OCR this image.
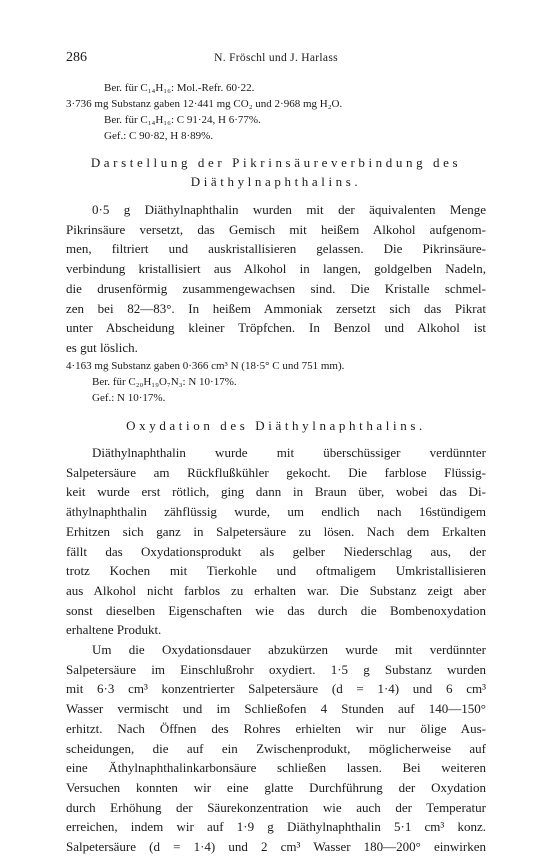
286	N. Fröschl und J. Harlass
Ber. für C₁₄H₁₆: Mol.-Refr. 60·22.
3·736 mg Substanz gaben 12·441 mg CO₂ und 2·968 mg H₂O.
Ber. für C₁₄H₁₆: C 91·24, H 6·77%.
Gef.: C 90·82, H 8·89%.
Darstellung der Pikrinsäureverbindung des
Diäthylnaphthalins.
0·5 g Diäthylnaphthalin wurden mit der äquivalenten Menge
Pikrinsäure versetzt, das Gemisch mit heißem Alkohol aufgenom-
men, filtriert und auskristallisieren gelassen. Die Pikrinsäure-
verbindung kristallisiert aus Alkohol in langen, goldgelben Nadeln,
die drusenförmig zusammengewachsen sind. Die Kristalle schmel-
zen bei 82—83°. In heißem Ammoniak zersetzt sich das Pikrat
unter Abscheidung kleiner Tröpfchen. In Benzol und Alkohol ist
es gut löslich.
4·163 mg Substanz gaben 0·366 cm³ N (18·5° C und 751 mm).
Ber. für C₂₀H₁₉O₇N₃: N 10·17%.
Gef.: N 10·17%.
Oxydation des Diäthylnaphthalins.
Diäthylnaphthalin wurde mit überschüssiger verdünnter
Salpetersäure am Rückflußkühler gekocht. Die farblose Flüssig-
keit wurde erst rötlich, ging dann in Braun über, wobei das Di-
äthylnaphthalin zähflüssig wurde, um endlich nach 16stündigem
Erhitzen sich ganz in Salpetersäure zu lösen. Nach dem Erkalten
fällt das Oxydationsprodukt als gelber Niederschlag aus, der
trotz Kochen mit Tierkohle und oftmaligem Umkristallisieren
aus Alkohol nicht farblos zu erhalten war. Die Substanz zeigt aber
sonst dieselben Eigenschaften wie das durch die Bombenoxydation
erhaltene Produkt.
Um die Oxydationsdauer abzukürzen wurde mit verdünnter
Salpetersäure im Einschlußrohr oxydiert. 1·5 g Substanz wurden
mit 6·3 cm³ konzentrierter Salpetersäure (d = 1·4) und 6 cm³
Wasser vermischt und im Schließofen 4 Stunden auf 140—150°
erhitzt. Nach Öffnen des Rohres erhielten wir nur ölige Aus-
scheidungen, die auf ein Zwischenprodukt, möglicherweise auf
eine Äthylnaphthalinkarbonsäure schließen lassen. Bei weiteren
Versuchen konnten wir eine glatte Durchführung der Oxydation
durch Erhöhung der Säurekonzentration wie auch der Temperatur
erreichen, indem wir auf 1·9 g Diäthylnaphthalin 5·1 cm³ konz.
Salpetersäure (d = 1·4) und 2 cm³ Wasser 180—200° einwirken
